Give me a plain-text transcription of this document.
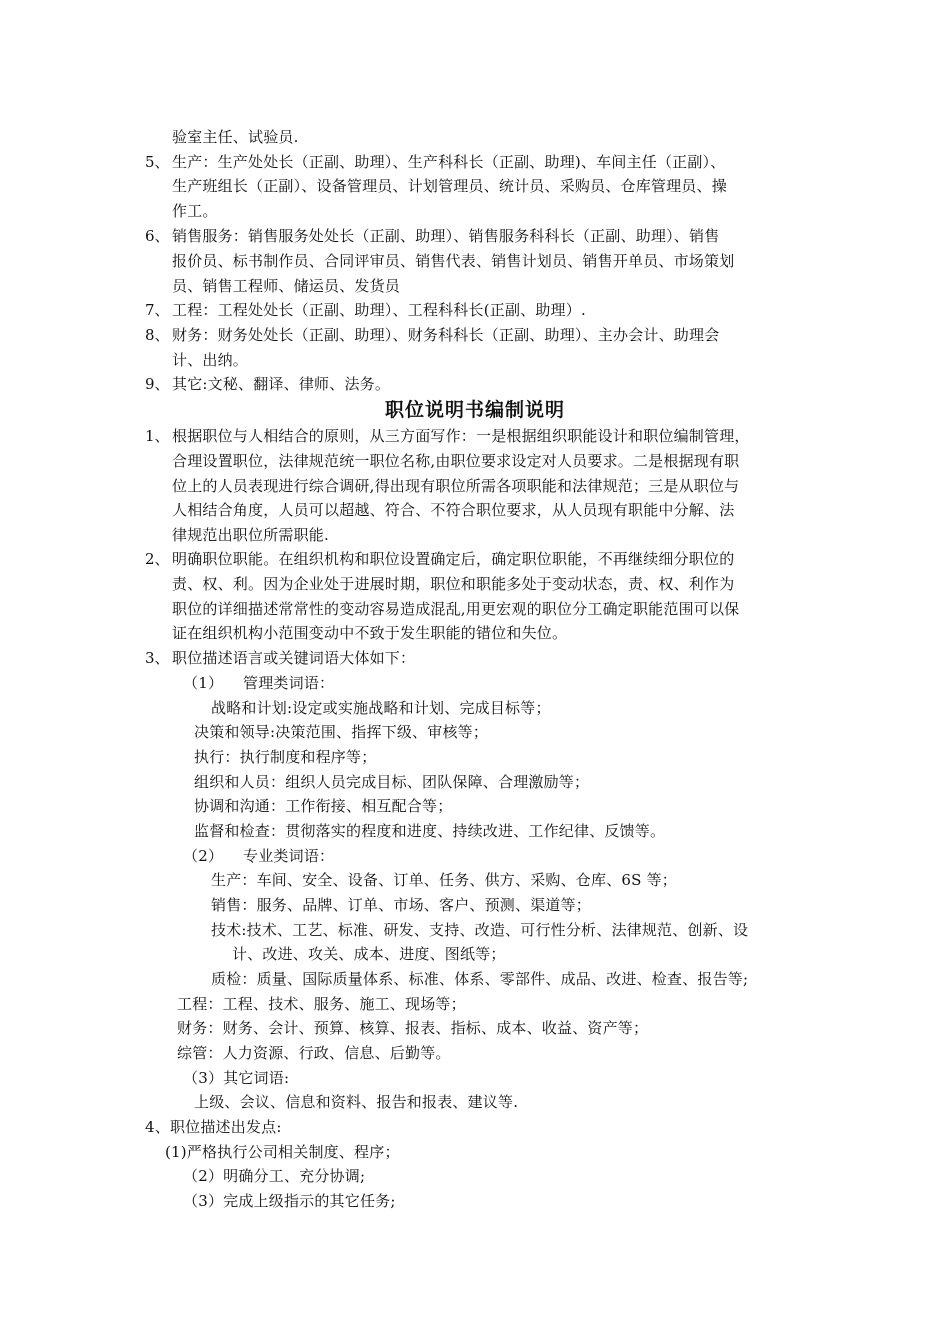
验室主任、试验员.
5、 生产：生产处处长（正副、助理）、生产科科长（正副、助理)、车间主任（正副）、
生产班组长（正副）、设备管理员、计划管理员、统计员、采购员、仓库管理员、操
作工。
6、 销售服务：销售服务处处长（正副、助理）、销售服务科科长（正副、助理）、销售
报价员、标书制作员、合同评审员、销售代表、销售计划员、销售开单员、市场策划
员、销售工程师、储运员、发货员
7、 工程：工程处处长（正副、助理）、工程科科长(正副、助理）.
8、 财务：财务处处长（正副、助理）、财务科科长（正副、助理）、主办会计、助理会
计、出纳。
9、 其它:文秘、翻译、律师、法务。
职位说明书编制说明
1、 根据职位与人相结合的原则，从三方面写作：一是根据组织职能设计和职位编制管理，
合理设置职位，法律规范统一职位名称,由职位要求设定对人员要求。二是根据现有职
位上的人员表现进行综合调研,得出现有职位所需各项职能和法律规范；三是从职位与
人相结合角度，人员可以超越、符合、不符合职位要求，从人员现有职能中分解、法
律规范出职位所需职能.
2、 明确职位职能。在组织机构和职位设置确定后，确定职位职能，不再继续细分职位的
责、权、利。因为企业处于进展时期，职位和职能多处于变动状态，责、权、利作为
职位的详细描述常常性的变动容易造成混乱,用更宏观的职位分工确定职能范围可以保
证在组织机构小范围变动中不致于发生职能的错位和失位。
3、 职位描述语言或关键词语大体如下：
（1）    管理类词语：
战略和计划:设定或实施战略和计划、完成目标等；
决策和领导:决策范围、指挥下级、审核等；
执行：执行制度和程序等；
组织和人员：组织人员完成目标、团队保障、合理激励等；
协调和沟通：工作衔接、相互配合等；
监督和检查：贯彻落实的程度和进度、持续改进、工作纪律、反馈等。
（2）    专业类词语：
生产：车间、安全、设备、订单、任务、供方、采购、仓库、6S 等；
销售：服务、品牌、订单、市场、客户、预测、渠道等；
技术:技术、工艺、标准、研发、支持、改造、可行性分析、法律规范、创新、设
计、改进、攻关、成本、进度、图纸等；
质检：质量、国际质量体系、标准、体系、零部件、成品、改进、检查、报告等;
工程：工程、技术、服务、施工、现场等；
财务：财务、会计、预算、核算、报表、指标、成本、收益、资产等；
综管：人力资源、行政、信息、后勤等。
（3）其它词语:
上级、会议、信息和资料、报告和报表、建议等.
4、职位描述出发点:
(1)严格执行公司相关制度、程序；
（2）明确分工、充分协调;
（3）完成上级指示的其它任务;
